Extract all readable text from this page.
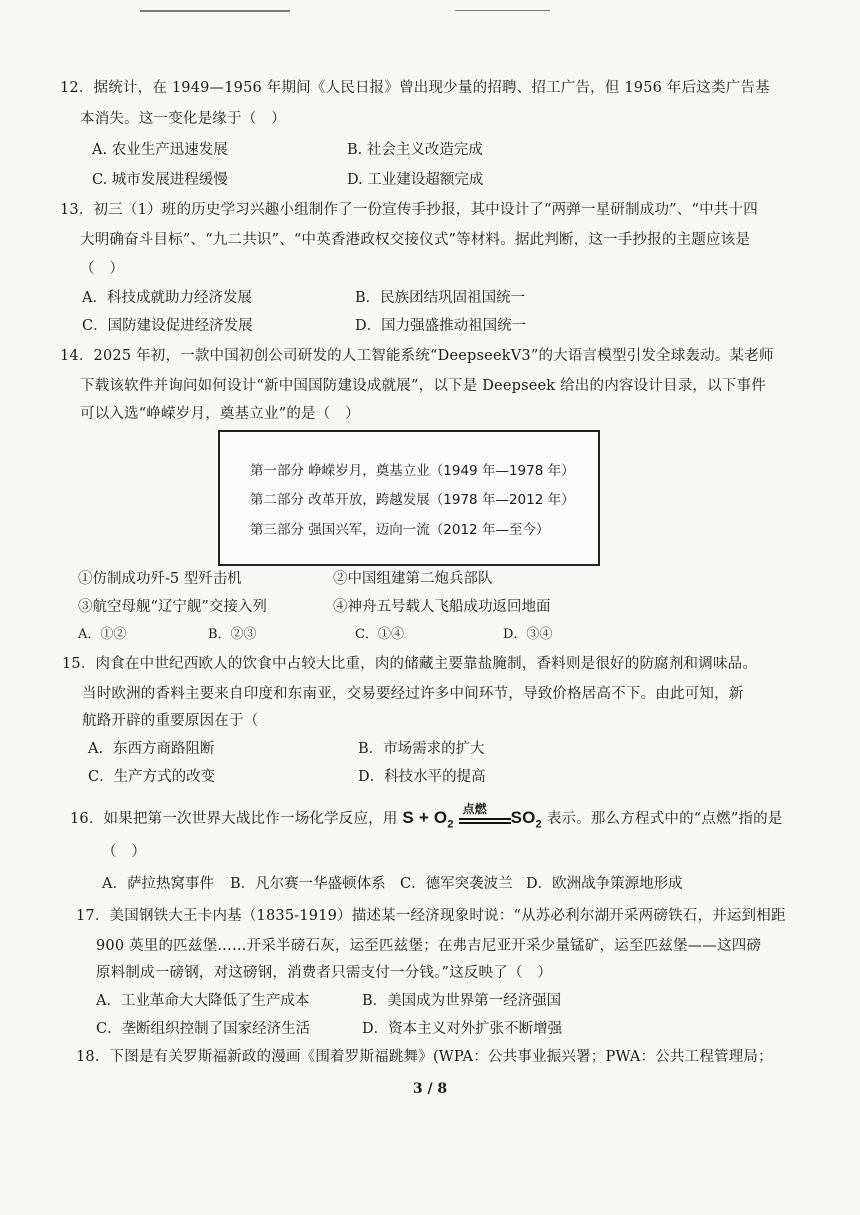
12．据统计，在 1949—1956 年期间《人民日报》曾出现少量的招聘、招工广告，但 1956 年后这类广告基
本消失。这一变化是缘于（　）
A. 农业生产迅速发展	B. 社会主义改造完成
C. 城市发展进程缓慢	D. 工业建设超额完成
13．初三（1）班的历史学习兴趣小组制作了一份宣传手抄报，其中设计了“两弹一星研制成功”、“中共十四
大明确奋斗目标”、“九二共识”、“中英香港政权交接仪式”等材料。据此判断，这一手抄报的主题应该是
（　）
A．科技成就助力经济发展	B．民族团结巩固祖国统一
C．国防建设促进经济发展	D．国力强盛推动祖国统一
14．2025 年初，一款中国初创公司研发的人工智能系统“DeepseekV3”的大语言模型引发全球轰动。某老师
下载该软件并询问如何设计“新中国国防建设成就展”，以下是 Deepseek 给出的内容设计目录，以下事件
可以入选“峥嵘岁月，奠基立业”的是（　）
第一部分 峥嵘岁月，奠基立业（1949 年—1978 年）
第二部分 改革开放，跨越发展（1978 年—2012 年）
第三部分 强国兴军，迈向一流（2012 年—至今）
①仿制成功歼-5 型歼击机	②中国组建第二炮兵部队
③航空母舰“辽宁舰”交接入列	④神舟五号载人飞船成功返回地面
A．①②	B．②③	C．①④	D．③④
15．肉食在中世纪西欧人的饮食中占较大比重，肉的储藏主要靠盐腌制，香料则是很好的防腐剂和调味品。
当时欧洲的香料主要来自印度和东南亚，交易要经过许多中间环节，导致价格居高不下。由此可知，新
航路开辟的重要原因在于（
A．东西方商路阻断	B．市场需求的扩大
C．生产方式的改变	D．科技水平的提高
16．如果把第一次世界大战比作一场化学反应，用 $S + O_2$
点燃 $SO_2$ 表示。那么方程式中的“点燃”指的是
（　）
A．萨拉热窝事件 B．凡尔赛一华盛顿体系 C．德军突袭波兰 D．欧洲战争策源地形成
17．美国钢铁大王卡内基（1835-1919）描述某一经济现象时说：“从苏必利尔湖开采两磅铁石，并运到相距
900 英里的匹兹堡……开采半磅石灰，运至匹兹堡；在弗吉尼亚开采少量锰矿，运至匹兹堡——这四磅
原料制成一磅钢，对这磅钢，消费者只需支付一分钱。”这反映了（　）
A．工业革命大大降低了生产成本	B．美国成为世界第一经济强国
C．垄断组织控制了国家经济生活	D．资本主义对外扩张不断增强
18．下图是有关罗斯福新政的漫画《围着罗斯福跳舞》(WPA：公共事业振兴署；PWA：公共工程管理局；
3 / 8
